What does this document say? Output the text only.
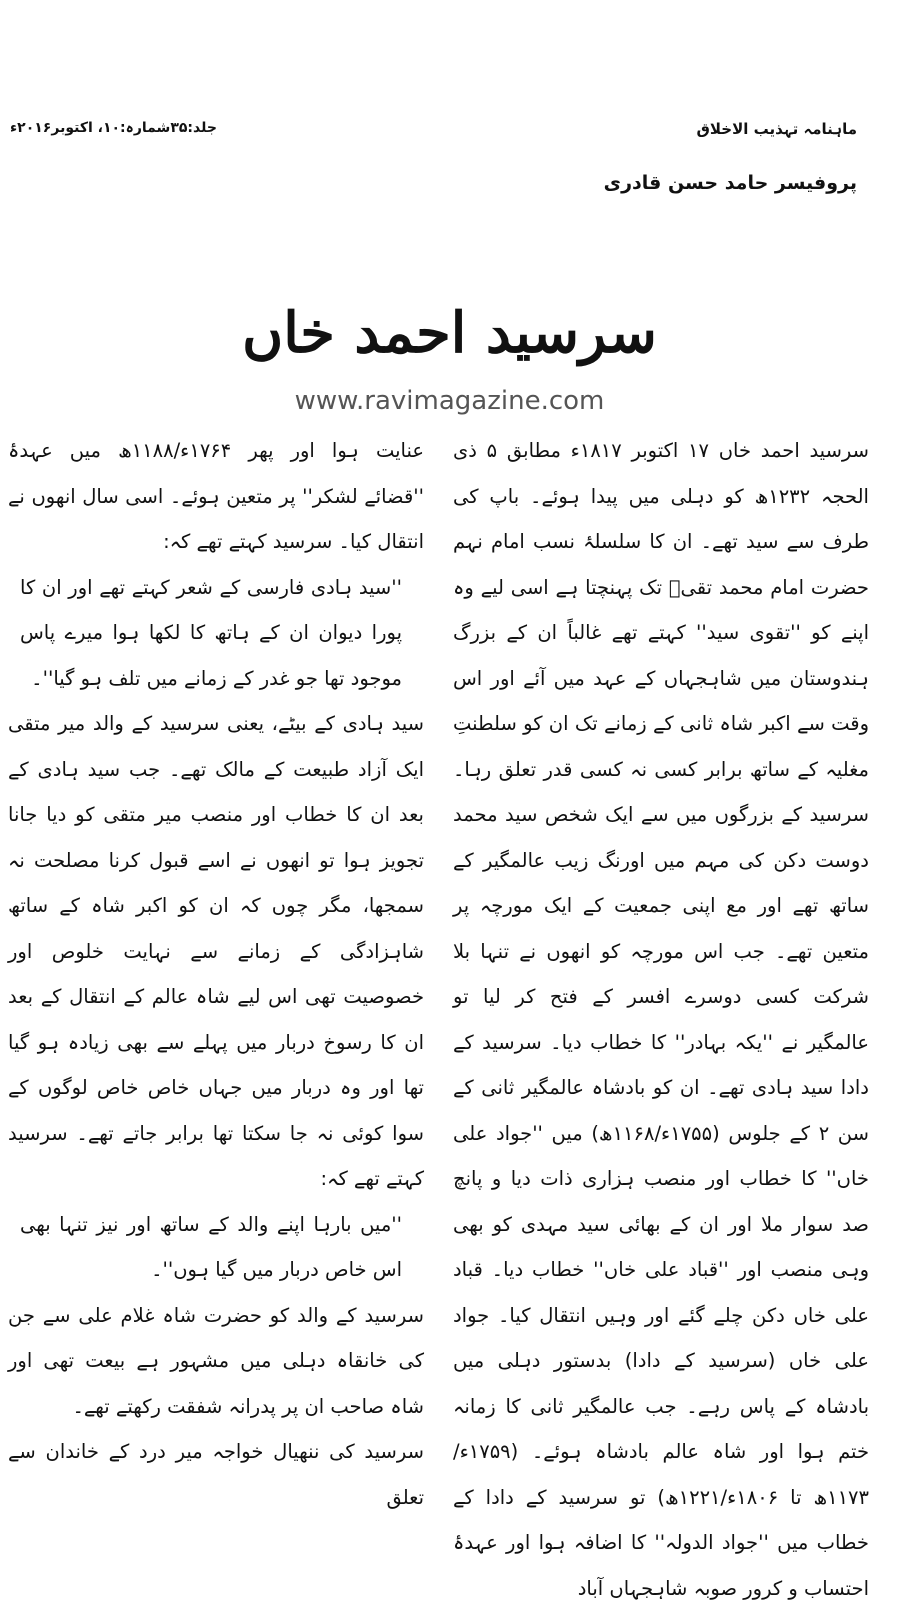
ماہنامہ تہذیب الاخلاق
جلد:۳۵شمارہ:۱۰، اکتوبر۲۰۱۶ء
پروفیسر حامد حسن قادری
سرسید احمد خاں
www.ravimagazine.com

سرسید احمد خاں ۱۷ اکتوبر ۱۸۱۷ء مطابق ۵ ذی الحجہ ۱۲۳۲ھ کو دہلی میں پیدا ہوئے۔ باپ کی طرف سے سید تھے۔ ان کا سلسلۂ نسب امام نہم حضرت امام محمد تقیؑ تک پہنچتا ہے اسی لیے وہ اپنے کو ''تقوی سید'' کہتے تھے غالباً ان کے بزرگ ہندوستان میں شاہجہاں کے عہد میں آئے اور اس وقت سے اکبر شاہ ثانی کے زمانے تک ان کو سلطنتِ مغلیہ کے ساتھ برابر کسی نہ کسی قدر تعلق رہا۔ سرسید کے بزرگوں میں سے ایک شخص سید محمد دوست دکن کی مہم میں اورنگ زیب عالمگیر کے ساتھ تھے اور مع اپنی جمعیت کے ایک مورچہ پر متعین تھے۔ جب اس مورچہ کو انھوں نے تنہا بلا شرکت کسی دوسرے افسر کے فتح کر لیا تو عالمگیر نے ''یکہ بہادر'' کا خطاب دیا۔ سرسید کے دادا سید ہادی تھے۔ ان کو بادشاہ عالمگیر ثانی کے سن ۲ کے جلوس (۱۷۵۵ء/۱۱۶۸ھ) میں ''جواد علی خاں'' کا خطاب اور منصب ہزاری ذات دیا و پانچ صد سوار ملا اور ان کے بھائی سید مہدی کو بھی وہی منصب اور ''قباد علی خاں'' خطاب دیا۔ قباد علی خاں دکن چلے گئے اور وہیں انتقال کیا۔ جواد علی خاں (سرسید کے دادا) بدستور دہلی میں بادشاہ کے پاس رہے۔ جب عالمگیر ثانی کا زمانہ ختم ہوا اور شاہ عالم بادشاہ ہوئے۔ (۱۷۵۹ء/۱۱۷۳ھ تا ۱۸۰۶ء/۱۲۲۱ھ) تو سرسید کے دادا کے خطاب میں ''جواد الدولہ'' کا اضافہ ہوا اور عہدۂ احتساب و کرور صوبہ شاہجہاں آباد

عنایت ہوا اور پھر ۱۷۶۴ء/۱۱۸۸ھ میں عہدۂ ''قضائے لشکر'' پر متعین ہوئے۔ اسی سال انھوں نے انتقال کیا۔ سرسید کہتے تھے کہ:

''سید ہادی فارسی کے شعر کہتے تھے اور ان کا پورا دیوان ان کے ہاتھ کا لکھا ہوا میرے پاس موجود تھا جو غدر کے زمانے میں تلف ہو گیا''۔

سید ہادی کے بیٹے، یعنی سرسید کے والد میر متقی ایک آزاد طبیعت کے مالک تھے۔ جب سید ہادی کے بعد ان کا خطاب اور منصب میر متقی کو دیا جانا تجویز ہوا تو انھوں نے اسے قبول کرنا مصلحت نہ سمجھا، مگر چوں کہ ان کو اکبر شاہ کے ساتھ شاہزادگی کے زمانے سے نہایت خلوص اور خصوصیت تھی اس لیے شاہ عالم کے انتقال کے بعد ان کا رسوخ دربار میں پہلے سے بھی زیادہ ہو گیا تھا اور وہ دربار میں جہاں خاص خاص لوگوں کے سوا کوئی نہ جا سکتا تھا برابر جاتے تھے۔ سرسید کہتے تھے کہ:

''میں بارہا اپنے والد کے ساتھ اور نیز تنہا بھی اس خاص دربار میں گیا ہوں''۔

سرسید کے والد کو حضرت شاہ غلام علی سے جن کی خانقاہ دہلی میں مشہور ہے بیعت تھی اور شاہ صاحب ان پر پدرانہ شفقت رکھتے تھے۔

سرسید کی ننھیال خواجہ میر درد کے خاندان سے تعلق
